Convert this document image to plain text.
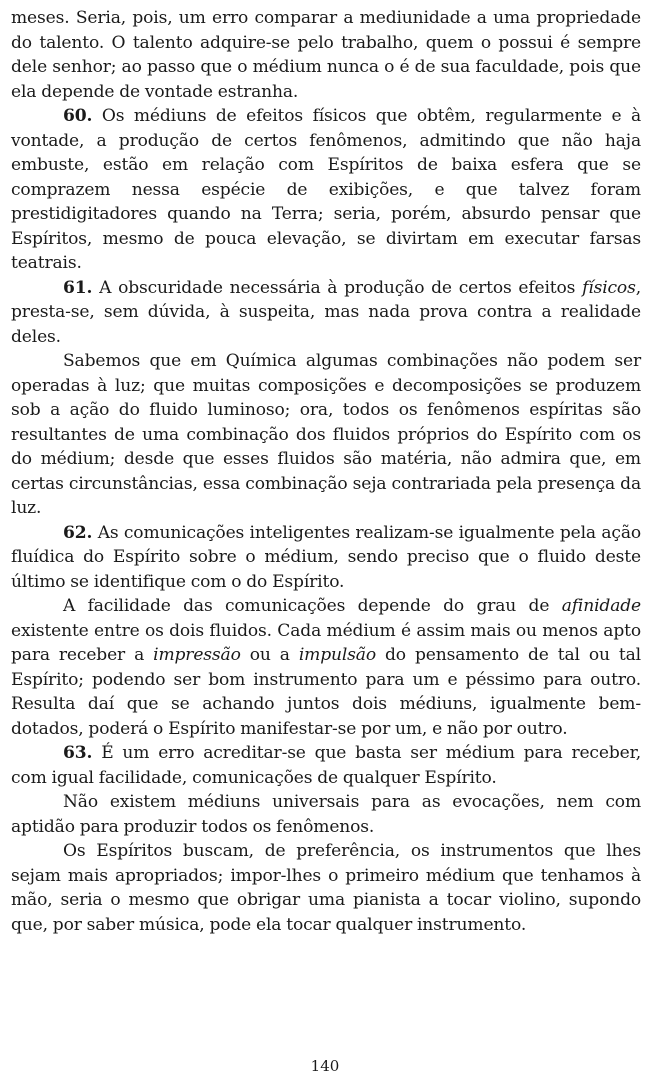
meses. Seria, pois, um erro comparar a mediunidade a uma propriedade do talento. O talento adquire-se pelo trabalho, quem o possui é sempre dele senhor; ao passo que o médium nunca o é de sua faculdade, pois que ela depende de vontade estranha.

60. Os médiuns de efeitos físicos que obtêm, regularmente e à vontade, a produção de certos fenômenos, admitindo que não haja embuste, estão em relação com Espíritos de baixa esfera que se comprazem nessa espécie de exibições, e que talvez foram prestidigitadores quando na Terra; seria, porém, absurdo pensar que Espíritos, mesmo de pouca elevação, se divirtam em executar farsas teatrais.

61. A obscuridade necessária à produção de certos efeitos físicos, presta-se, sem dúvida, à suspeita, mas nada prova contra a realidade deles.

Sabemos que em Química algumas combinações não podem ser operadas à luz; que muitas composições e decomposições se produzem sob a ação do fluido luminoso; ora, todos os fenômenos espíritas são resultantes de uma combinação dos fluidos próprios do Espírito com os do médium; desde que esses fluidos são matéria, não admira que, em certas circunstâncias, essa combinação seja contrariada pela presença da luz.

62. As comunicações inteligentes realizam-se igualmente pela ação fluídica do Espírito sobre o médium, sendo preciso que o fluido deste último se identifique com o do Espírito.

A facilidade das comunicações depende do grau de afinidade existente entre os dois fluidos. Cada médium é assim mais ou menos apto para receber a impressão ou a impulsão do pensamento de tal ou tal Espírito; podendo ser bom instrumento para um e péssimo para outro. Resulta daí que se achando juntos dois médiuns, igualmente bem-dotados, poderá o Espírito manifestar-se por um, e não por outro.

63. É um erro acreditar-se que basta ser médium para receber, com igual facilidade, comunicações de qualquer Espírito.

Não existem médiuns universais para as evocações, nem com aptidão para produzir todos os fenômenos.

Os Espíritos buscam, de preferência, os instrumentos que lhes sejam mais apropriados; impor-lhes o primeiro médium que tenhamos à mão, seria o mesmo que obrigar uma pianista a tocar violino, supondo que, por saber música, pode ela tocar qualquer instrumento.

140
